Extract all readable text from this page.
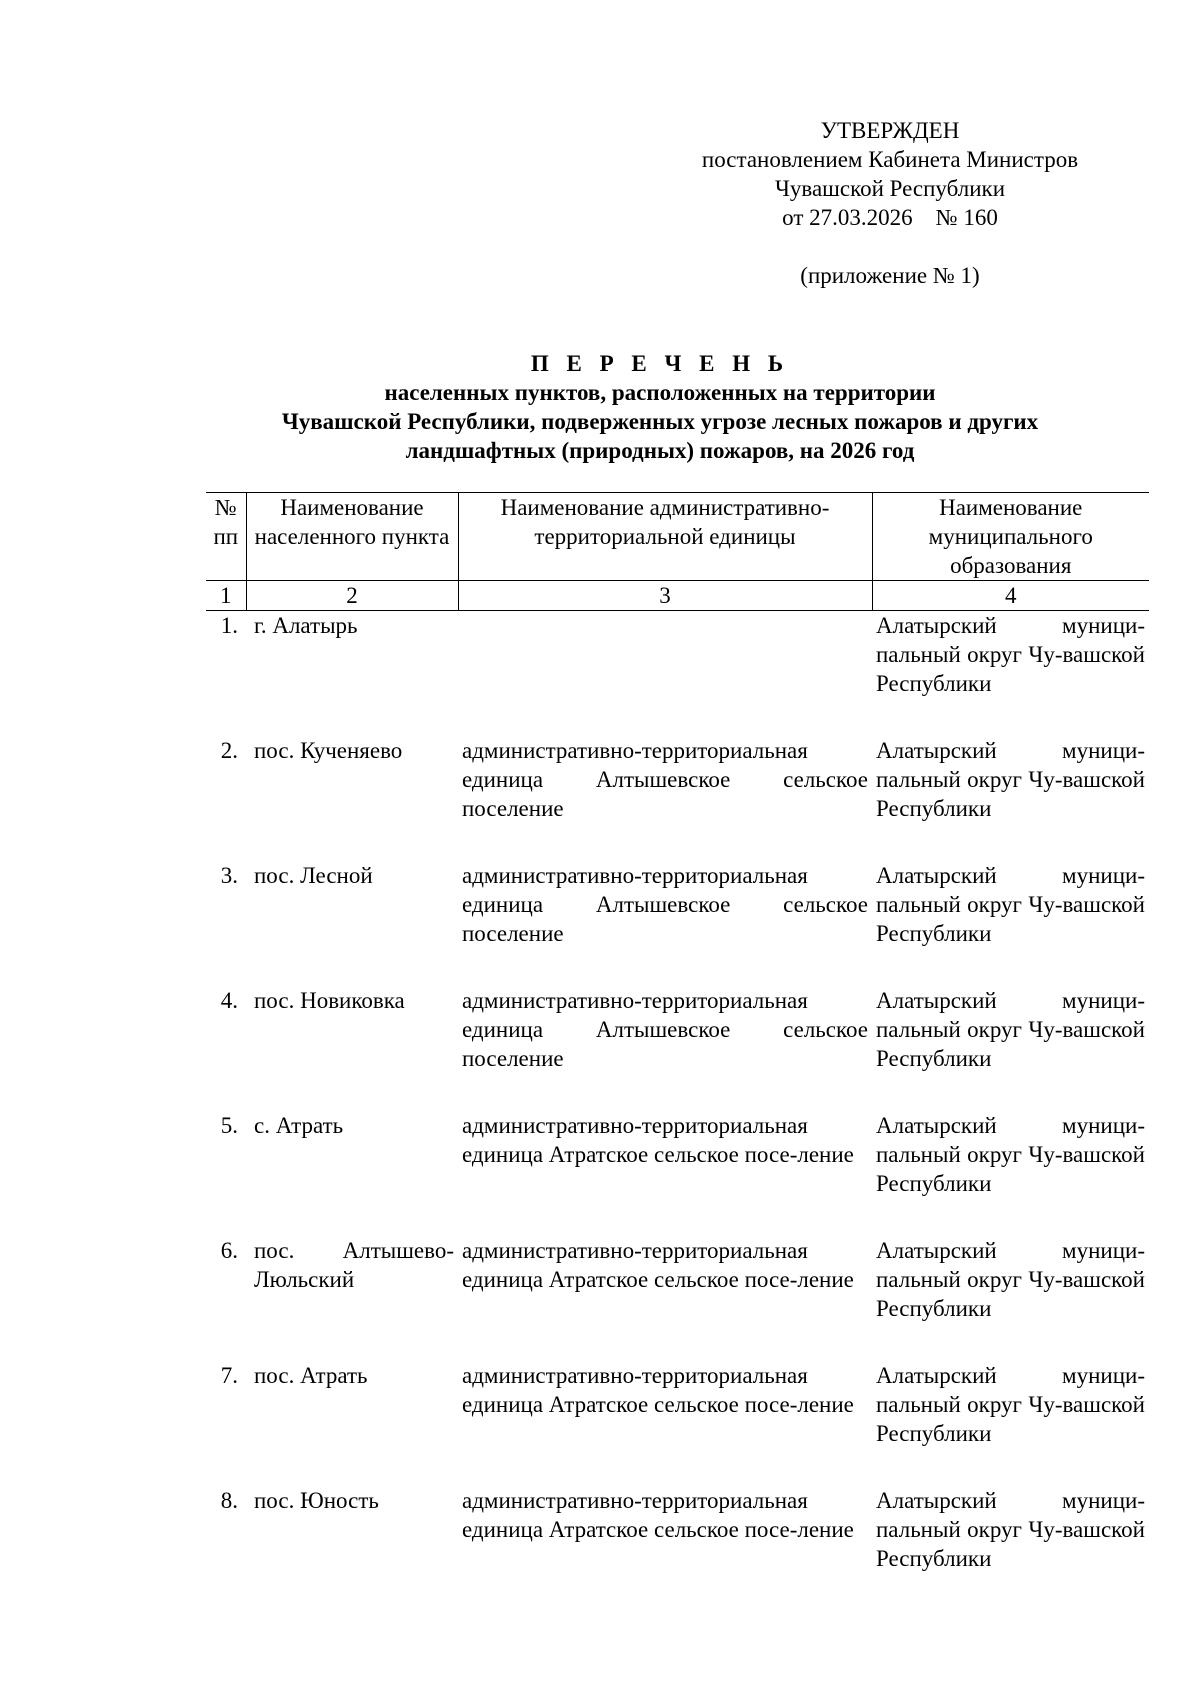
УТВЕРЖДЕН
постановлением Кабинета Министров
Чувашской Республики
от 27.03.2026    № 160
(приложение № 1)
П Е Р Е Ч Е Н Ь
населенных пунктов, расположенных на территории
Чувашской Республики, подверженных угрозе лесных пожаров и других
ландшафтных (природных) пожаров, на 2026 год
№ пп	Наименование населенного пункта	Наименование административно-территориальной единицы	Наименование муниципального образования
1	2	3	4
1.	г. Алатырь		Алатырский муници-пальный округ Чу-вашской Республики
2.	пос. Кученяево	административно-территориальная единица Алтышевское сельское поселение	Алатырский муници-пальный округ Чу-вашской Республики
3.	пос. Лесной	административно-территориальная единица Алтышевское сельское поселение	Алатырский муници-пальный округ Чу-вашской Республики
4.	пос. Новиковка	административно-территориальная единица Алтышевское сельское поселение	Алатырский муници-пальный округ Чу-вашской Республики
5.	с. Атрать	административно-территориальная единица Атратское сельское посе-ление	Алатырский муници-пальный округ Чу-вашской Республики
6.	пос. Алтышево-Люльский	административно-территориальная единица Атратское сельское посе-ление	Алатырский муници-пальный округ Чу-вашской Республики
7.	пос. Атрать	административно-территориальная единица Атратское сельское посе-ление	Алатырский муници-пальный округ Чу-вашской Республики
8.	пос. Юность	административно-территориальная единица Атратское сельское посе-ление	Алатырский муници-пальный округ Чу-вашской Республики
